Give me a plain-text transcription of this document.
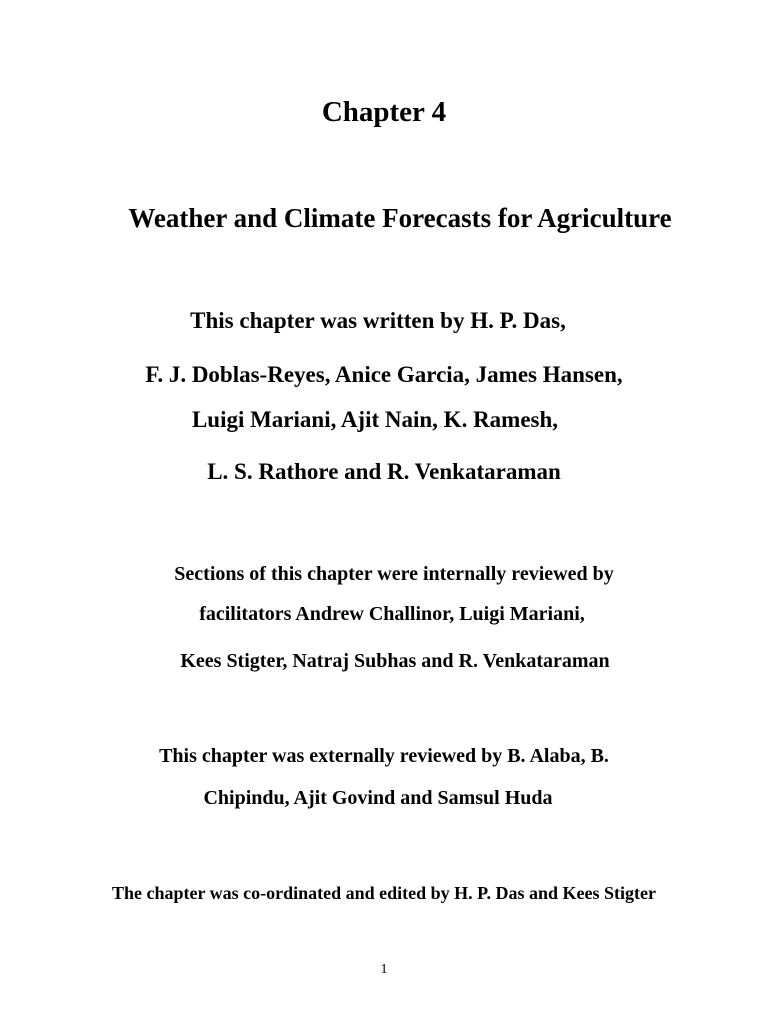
Chapter 4
Weather and Climate Forecasts for Agriculture

This chapter was written by H. P. Das,

F. J. Doblas-Reyes, Anice Garcia, James Hansen,

Luigi Mariani, Ajit Nain, K. Ramesh,

L. S. Rathore and R. Venkataraman

Sections of this chapter were internally reviewed by

facilitators Andrew Challinor, Luigi Mariani,

Kees Stigter, Natraj Subhas and R. Venkataraman

This chapter was externally reviewed by B. Alaba, B.

Chipindu, Ajit Govind and Samsul Huda

The chapter was co-ordinated and edited by H. P. Das and Kees Stigter

1
